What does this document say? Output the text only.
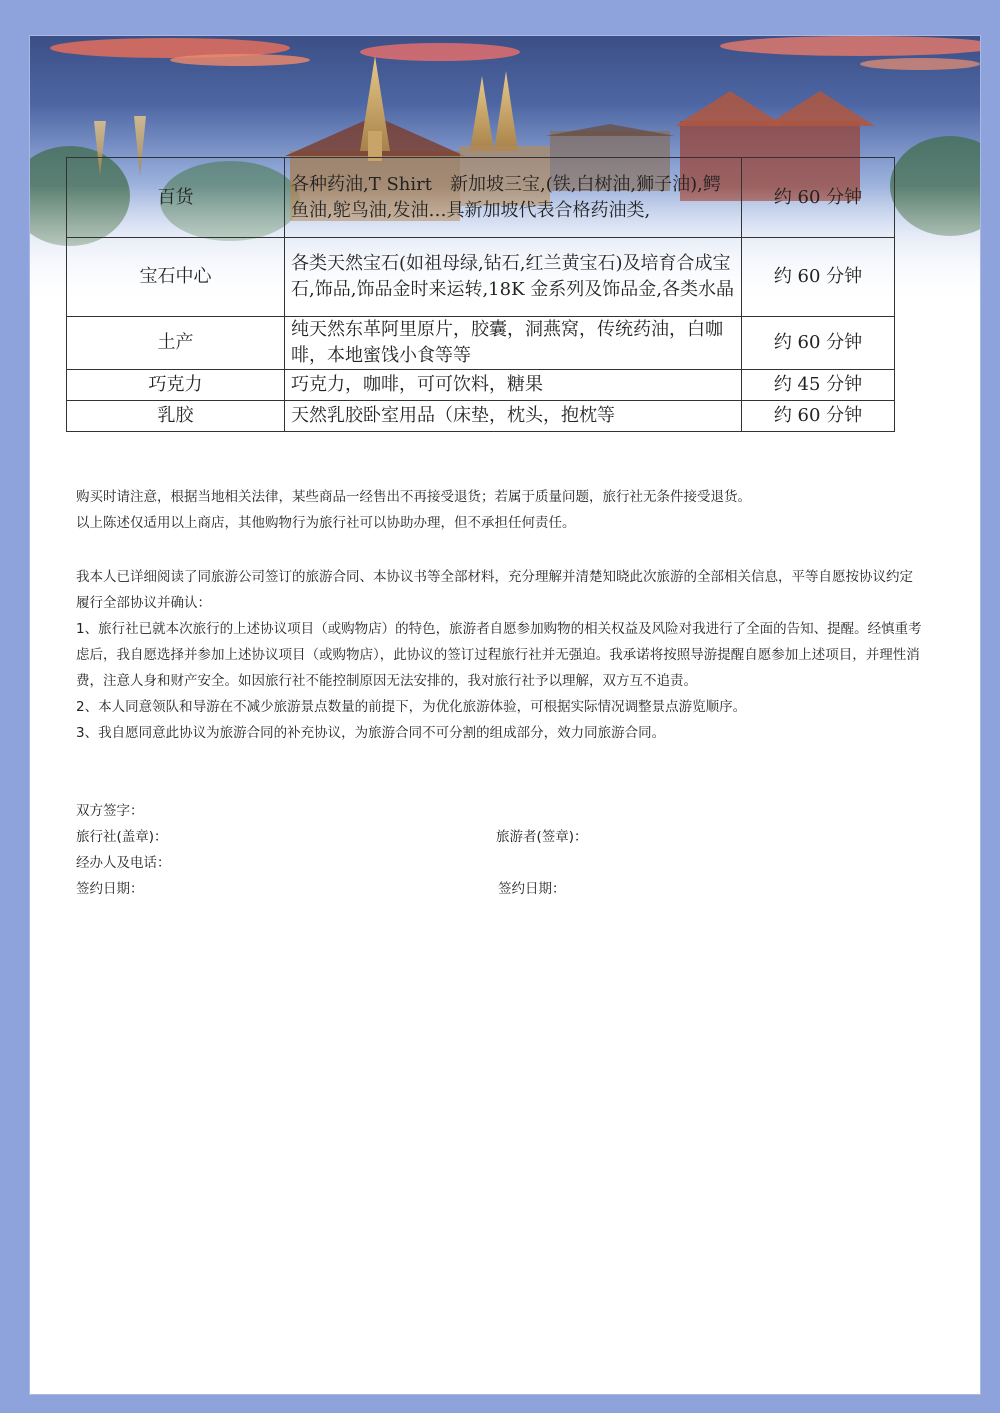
百货	各种药油,T Shirt　新加坡三宝,(铁,白树油,狮子油),鳄鱼油,鸵鸟油,发油…具新加坡代表合格药油类,	约 60 分钟
宝石中心	各类天然宝石(如祖母绿,钻石,红兰黄宝石)及培育合成宝石,饰品,饰品金时来运转,18K 金系列及饰品金,各类水晶	约 60 分钟
土产	纯天然东革阿里原片，胶囊，洞燕窝，传统药油，白咖啡，本地蜜饯小食等等	约 60 分钟
巧克力	巧克力，咖啡，可可饮料，糖果	约 45 分钟
乳胶	天然乳胶卧室用品（床垫，枕头，抱枕等	约 60 分钟

购买时请注意，根据当地相关法律，某些商品一经售出不再接受退货；若属于质量问题，旅行社无条件接受退货。

以上陈述仅适用以上商店，其他购物行为旅行社可以协助办理，但不承担任何责任。

我本人已详细阅读了同旅游公司签订的旅游合同、本协议书等全部材料，充分理解并清楚知晓此次旅游的全部相关信息，平等自愿按协议约定履行全部协议并确认：

1、旅行社已就本次旅行的上述协议项目（或购物店）的特色，旅游者自愿参加购物的相关权益及风险对我进行了全面的告知、提醒。经慎重考虑后，我自愿选择并参加上述协议项目（或购物店），此协议的签订过程旅行社并无强迫。我承诺将按照导游提醒自愿参加上述项目，并理性消费，注意人身和财产安全。如因旅行社不能控制原因无法安排的，我对旅行社予以理解，双方互不追责。

2、本人同意领队和导游在不减少旅游景点数量的前提下，为优化旅游体验，可根据实际情况调整景点游览顺序。

3、我自愿同意此协议为旅游合同的补充协议，为旅游合同不可分割的组成部分，效力同旅游合同。

双方签字：
旅行社(盖章)：	旅游者(签章)：
经办人及电话：
签约日期：	签约日期：
